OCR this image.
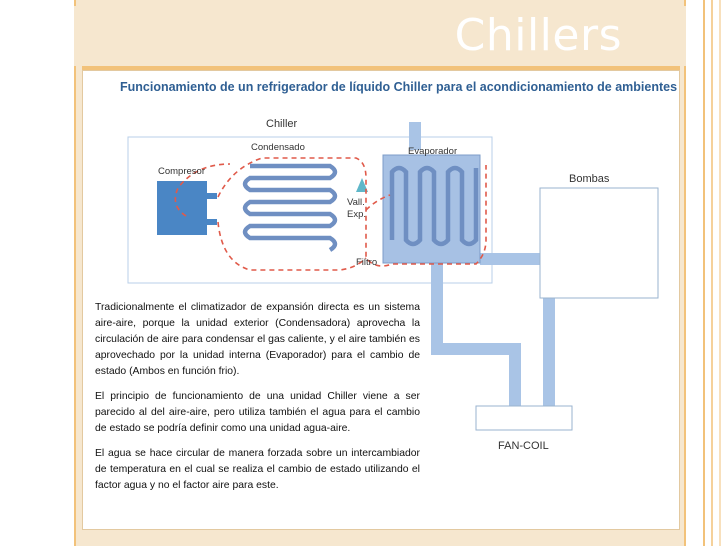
Chillers
Funcionamiento de un refrigerador de líquido Chiller para el acondicionamiento de ambientes
Chiller
Condensado	Evaporador
Compresor
Vall.
Exp.
Filtro
Bombas
FAN-COIL
Tradicionalmente el climatizador de expansión directa es un sistema aire-aire, porque la unidad exterior (Condensadora) aprovecha la circulación de aire para condensar el gas caliente, y el aire también es aprovechado por la unidad interna (Evaporador) para el cambio de estado (Ambos en función frio).
El principio de funcionamiento de una unidad Chiller viene a ser parecido al del aire-aire, pero utiliza también el agua para el cambio de estado se podría definir como una unidad agua-aire.
El agua se hace circular de manera forzada sobre un intercambiador de temperatura en el cual se realiza el cambio de estado utilizando el factor agua y no el factor aire para este.
